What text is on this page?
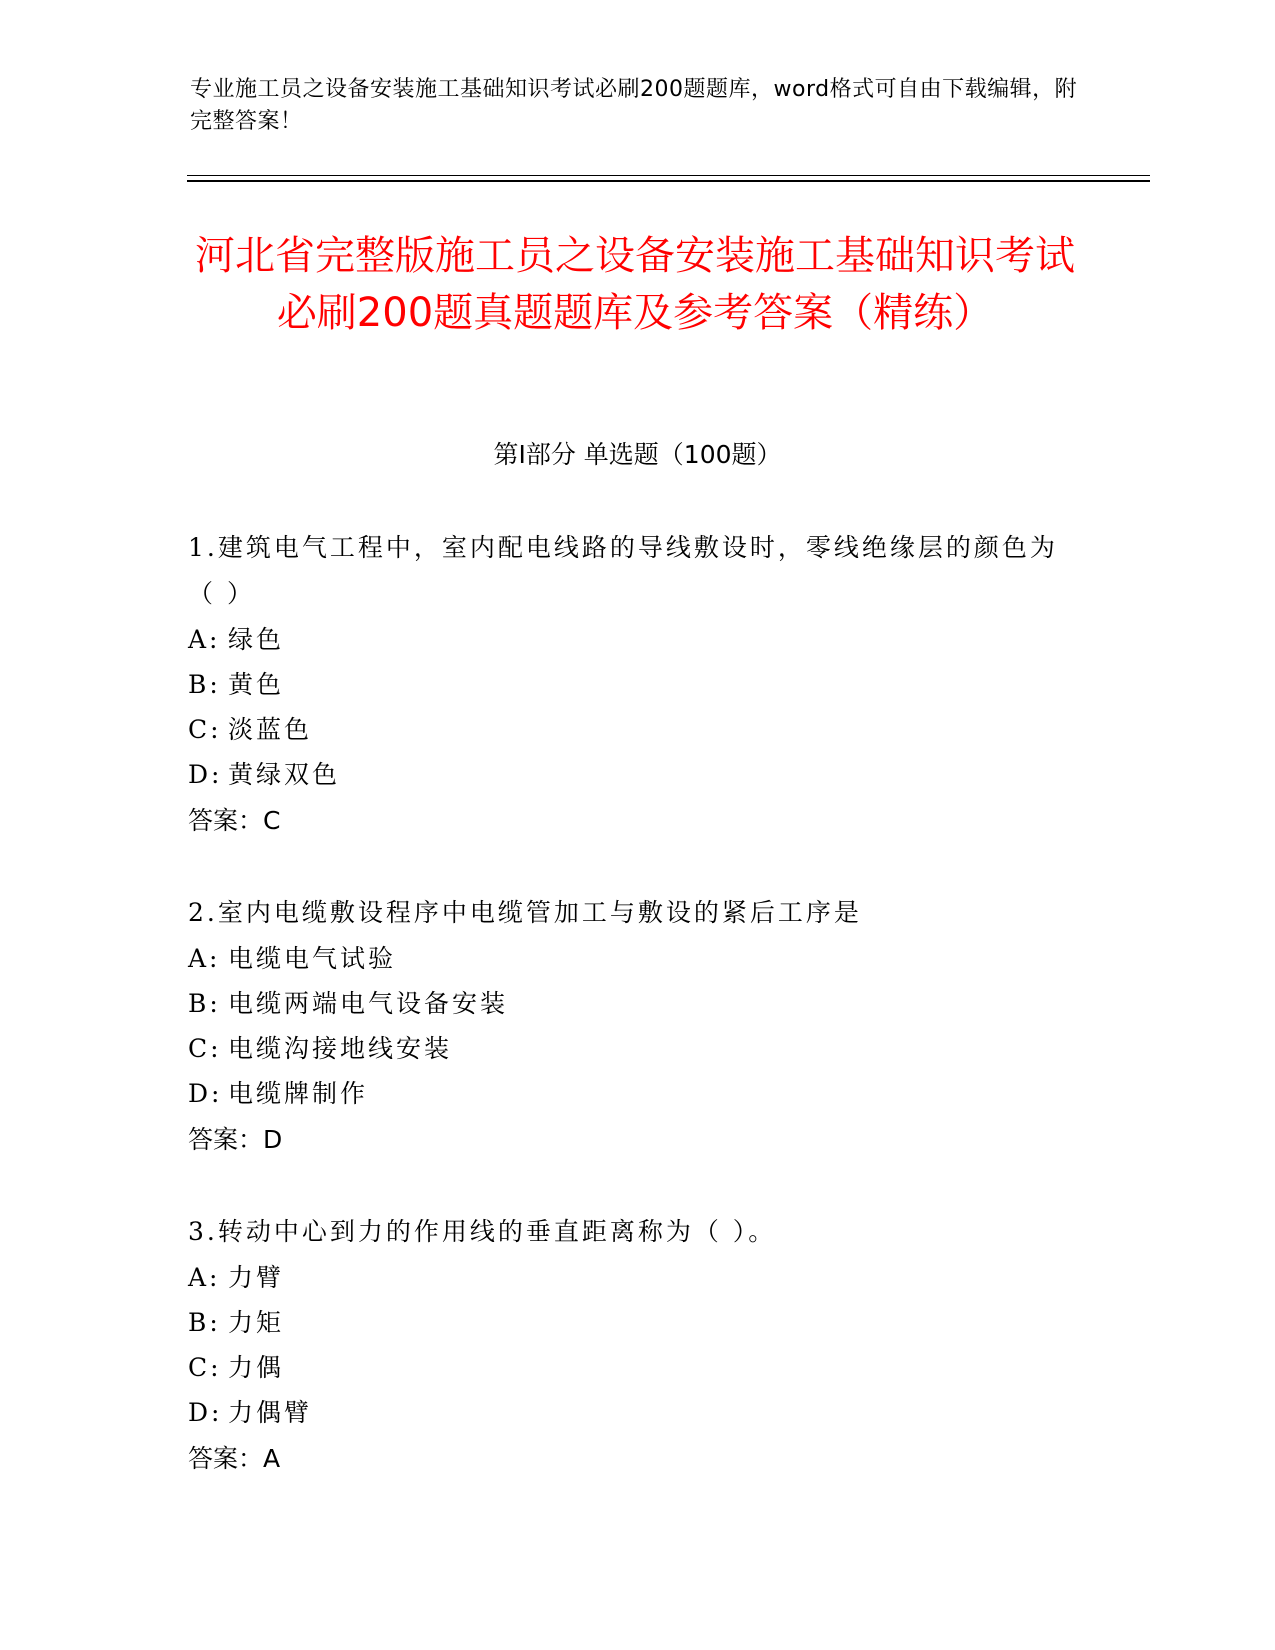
专业施工员之设备安装施工基础知识考试必刷200题题库，word格式可自由下载编辑，附完整答案！
河北省完整版施工员之设备安装施工基础知识考试必刷200题真题题库及参考答案（精练）
第I部分 单选题（100题）

1.建筑电气工程中，室内配电线路的导线敷设时，零线绝缘层的颜色为（ ）

A: 绿色

B: 黄色

C: 淡蓝色

D: 黄绿双色

答案：C

2.室内电缆敷设程序中电缆管加工与敷设的紧后工序是

A: 电缆电气试验

B: 电缆两端电气设备安装

C: 电缆沟接地线安装

D: 电缆牌制作

答案：D

3.转动中心到力的作用线的垂直距离称为（ ）。

A: 力臂

B: 力矩

C: 力偶

D: 力偶臂

答案：A
